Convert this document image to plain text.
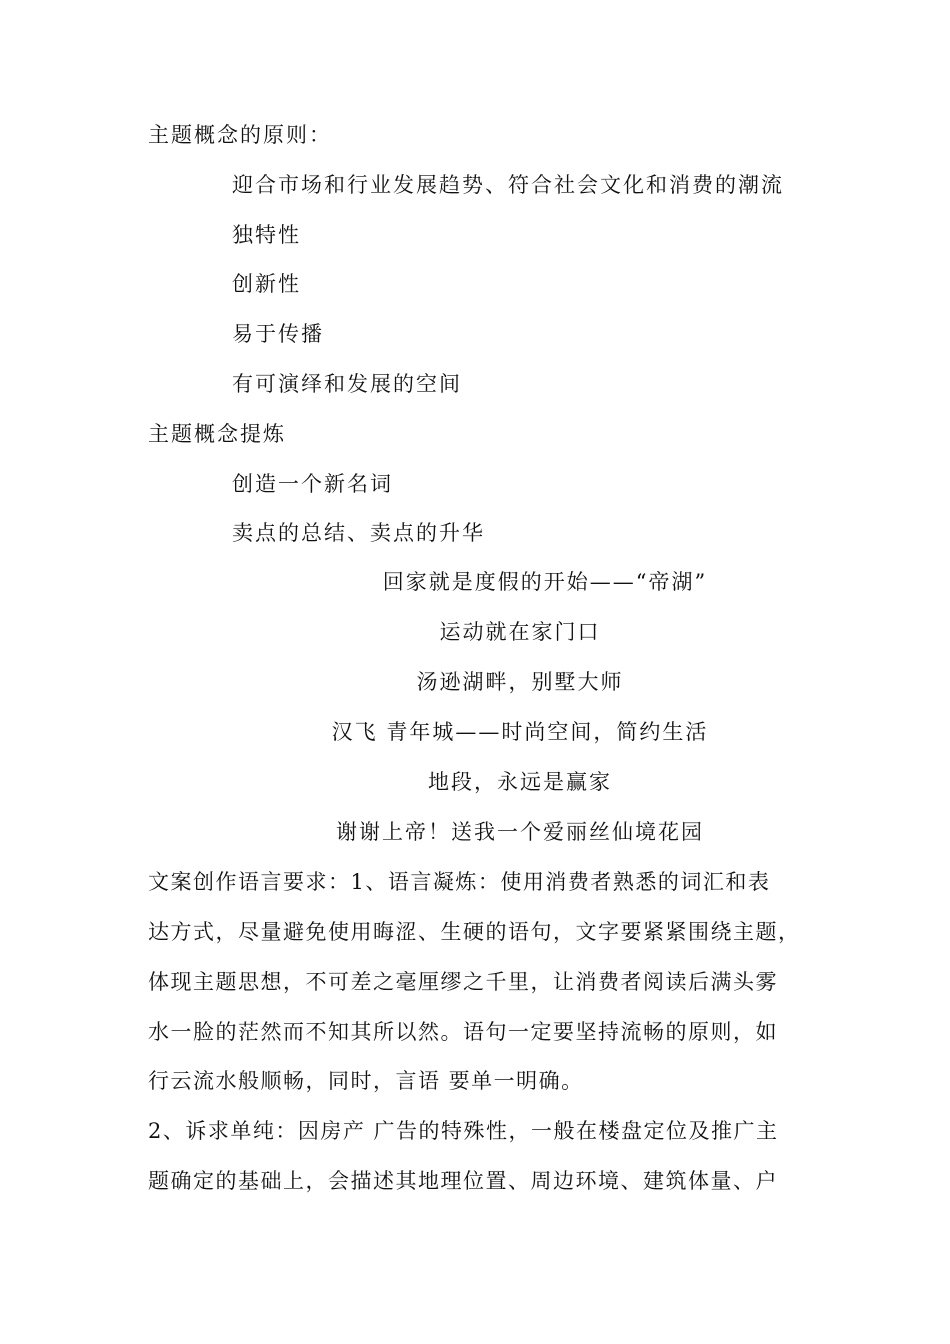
主题概念的原则：

迎合市场和行业发展趋势、符合社会文化和消费的潮流

独特性

创新性

易于传播

有可演绎和发展的空间

主题概念提炼

创造一个新名词

卖点的总结、卖点的升华

回家就是度假的开始——“帝湖”

运动就在家门口

汤逊湖畔，别墅大师

汉飞 青年城——时尚空间，简约生活

地段，永远是赢家

谢谢上帝！送我一个爱丽丝仙境花园

文案创作语言要求：1、语言凝炼：使用消费者熟悉的词汇和表

达方式，尽量避免使用晦涩、生硬的语句，文字要紧紧围绕主题，

体现主题思想，不可差之毫厘缪之千里，让消费者阅读后满头雾

水一脸的茫然而不知其所以然。语句一定要坚持流畅的原则，如

行云流水般顺畅，同时，言语 要单一明确。

2、诉求单纯：因房产 广告的特殊性，一般在楼盘定位及推广主

题确定的基础上，会描述其地理位置、周边环境、建筑体量、户
